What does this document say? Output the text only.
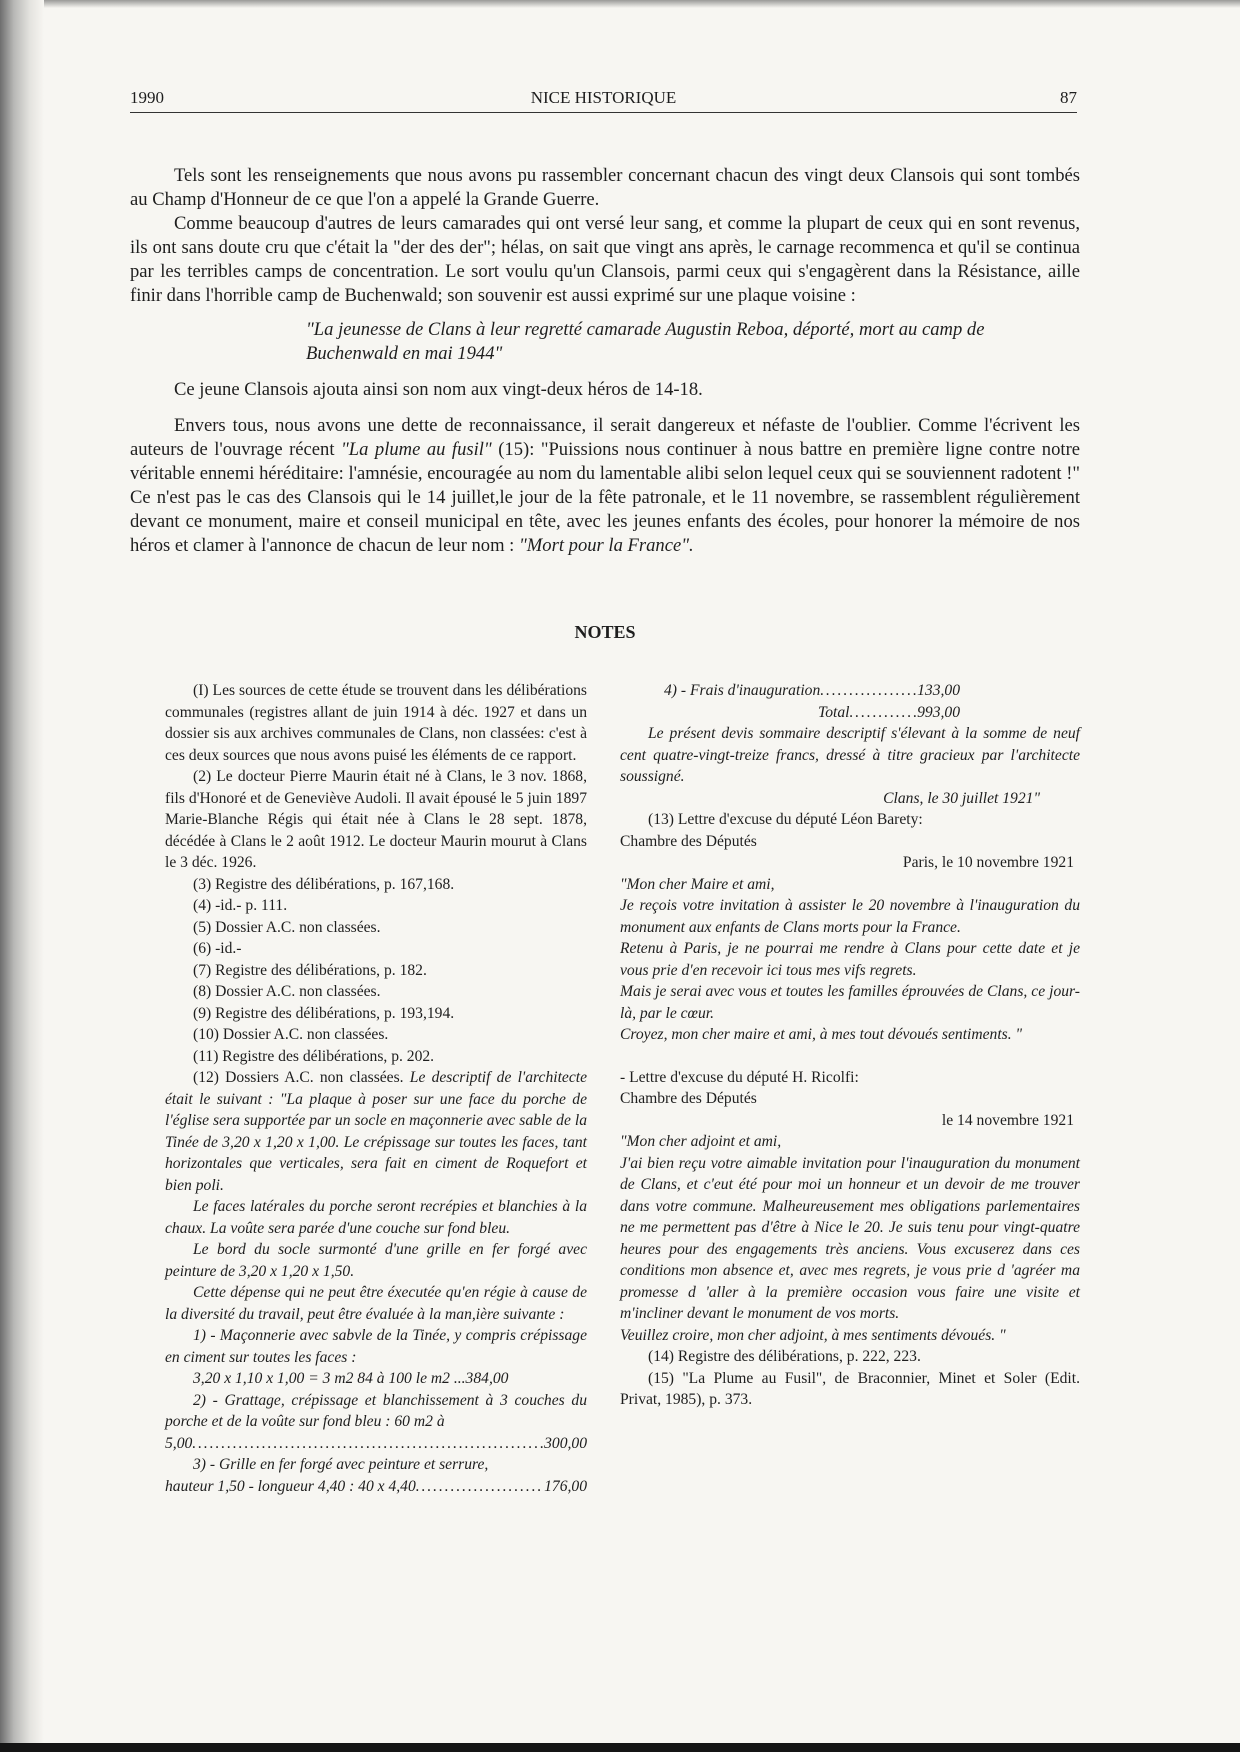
NICE HISTORIQUE
1990	87

Tels sont les renseignements que nous avons pu rassembler concernant chacun des vingt deux Clansois qui sont tombés au Champ d'Honneur de ce que l'on a appelé la Grande Guerre.

Comme beaucoup d'autres de leurs camarades qui ont versé leur sang, et comme la plupart de ceux qui en sont revenus, ils ont sans doute cru que c'était la "der des der"; hélas, on sait que vingt ans après, le carnage recommenca et qu'il se continua par les terribles camps de concentration. Le sort voulu qu'un Clansois, parmi ceux qui s'engagèrent dans la Résistance, aille finir dans l'horrible camp de Buchenwald; son souvenir est aussi exprimé sur une plaque voisine :

"La jeunesse de Clans à leur regretté camarade Augustin Reboa, déporté, mort au camp de Buchenwald en mai 1944"

Ce jeune Clansois ajouta ainsi son nom aux vingt-deux héros de 14-18.

Envers tous, nous avons une dette de reconnaissance, il serait dangereux et néfaste de l'oublier. Comme l'écrivent les auteurs de l'ouvrage récent "La plume au fusil" (15): "Puissions nous continuer à nous battre en première ligne contre notre véritable ennemi héréditaire: l'amnésie, encouragée au nom du lamentable alibi selon lequel ceux qui se souviennent radotent !" Ce n'est pas le cas des Clansois qui le 14 juillet,le jour de la fête patronale, et le 11 novembre, se rassemblent régulièrement devant ce monument, maire et conseil municipal en tête, avec les jeunes enfants des écoles, pour honorer la mémoire de nos héros et clamer à l'annonce de chacun de leur nom : "Mort pour la France".

NOTES

(I) Les sources de cette étude se trouvent dans les délibérations communales (registres allant de juin 1914 à déc. 1927 et dans un dossier sis aux archives communales de Clans, non classées: c'est à ces deux sources que nous avons puisé les éléments de ce rapport.

(2) Le docteur Pierre Maurin était né à Clans, le 3 nov. 1868, fils d'Honoré et de Geneviève Audoli. Il avait épousé le 5 juin 1897 Marie-Blanche Régis qui était née à Clans le 28 sept. 1878, décédée à Clans le 2 août 1912. Le docteur Maurin mourut à Clans le 3 déc. 1926.

(3) Registre des délibérations, p. 167,168.

(4) -id.- p. 111.

(5) Dossier A.C. non classées.

(6) -id.-

(7) Registre des délibérations, p. 182.

(8) Dossier A.C. non classées.

(9) Registre des délibérations, p. 193,194.

(10) Dossier A.C. non classées.

(11) Registre des délibérations, p. 202.

(12) Dossiers A.C. non classées. Le descriptif de l'architecte était le suivant : "La plaque à poser sur une face du porche de l'église sera supportée par un socle en maçonnerie avec sable de la Tinée de 3,20 x 1,20 x 1,00. Le crépissage sur toutes les faces, tant horizontales que verticales, sera fait en ciment de Roquefort et bien poli.

Le faces latérales du porche seront recrépies et blanchies à la chaux. La voûte sera parée d'une couche sur fond bleu.

Le bord du socle surmonté d'une grille en fer forgé avec peinture de 3,20 x 1,20 x 1,50.

Cette dépense qui ne peut être éxecutée qu'en régie à cause de la diversité du travail, peut être évaluée à la man,ière suivante :

1) - Maçonnerie avec sabvle de la Tinée, y compris crépissage en ciment sur toutes les faces :

3,20 x 1,10 x 1,00 = 3 m2 84 à 100 le m2 ...384,00

2) - Grattage, crépissage et blanchissement à 3 couches du porche et de la voûte sur fond bleu : 60 m2 à

5,00 . . .	300,00

3) - Grille en fer forgé avec peinture et serrure,

hauteur 1,50 - longueur 4,40 : 40 x 4,40 . . .	176,00
4) - Frais d'inauguration . . .	133,00
Total . . .	993,00

Le présent devis sommaire descriptif s'élevant à la somme de neuf cent quatre-vingt-treize francs, dressé à titre gracieux par l'architecte soussigné.

Clans, le 30 juillet 1921"

(13) Lettre d'excuse du député Léon Barety:

Chambre des Députés

Paris, le 10 novembre 1921

"Mon cher Maire et ami,

Je reçois votre invitation à assister le 20 novembre à l'inauguration du monument aux enfants de Clans morts pour la France.

Retenu à Paris, je ne pourrai me rendre à Clans pour cette date et je vous prie d'en recevoir ici tous mes vifs regrets.

Mais je serai avec vous et toutes les familles éprouvées de Clans, ce jour-là, par le cœur.

Croyez, mon cher maire et ami, à mes tout dévoués sentiments. "

- Lettre d'excuse du député H. Ricolfi:

Chambre des Députés

le 14 novembre 1921

"Mon cher adjoint et ami,

J'ai bien reçu votre aimable invitation pour l'inauguration du monument de Clans, et c'eut été pour moi un honneur et un devoir de me trouver dans votre commune. Malheureusement mes obligations parlementaires ne me permettent pas d'être à Nice le 20. Je suis tenu pour vingt-quatre heures pour des engagements très anciens. Vous excuserez dans ces conditions mon absence et, avec mes regrets, je vous prie d 'agréer ma promesse d 'aller à la première occasion vous faire une visite et m'incliner devant le monument de vos morts.

Veuillez croire, mon cher adjoint, à mes sentiments dévoués. "

(14) Registre des délibérations, p. 222, 223.

(15) "La Plume au Fusil", de Braconnier, Minet et Soler (Edit. Privat, 1985), p. 373.
